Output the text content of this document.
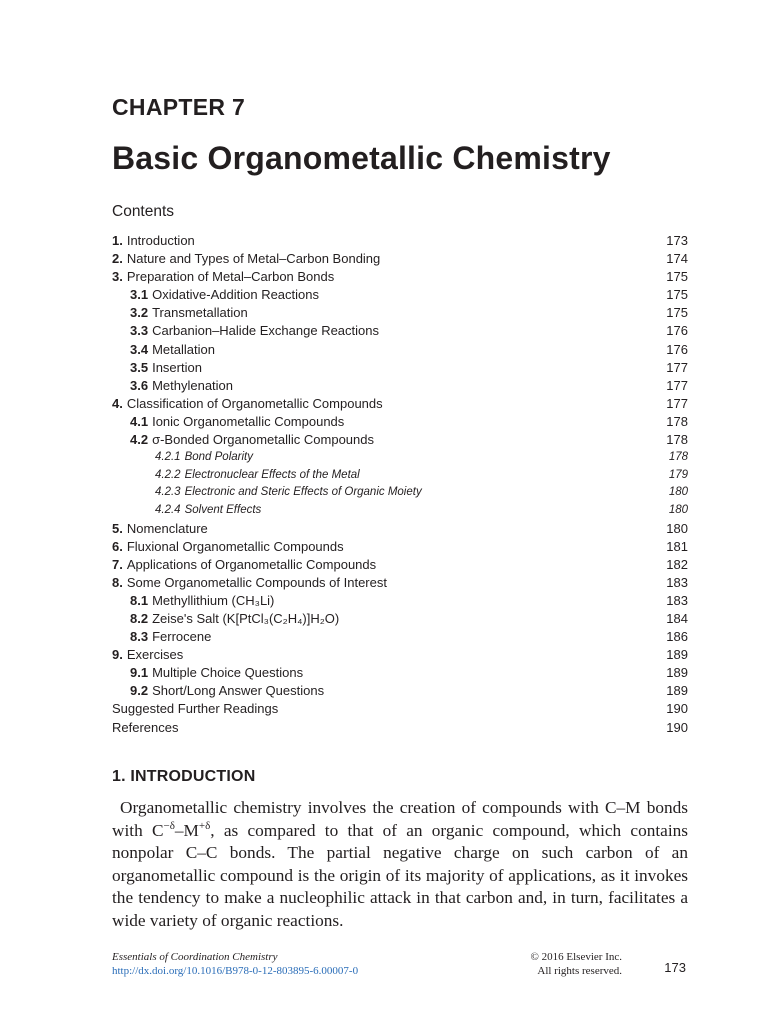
CHAPTER 7
Basic Organometallic Chemistry
Contents
1. Introduction	173
2. Nature and Types of Metal–Carbon Bonding	174
3. Preparation of Metal–Carbon Bonds	175
3.1 Oxidative-Addition Reactions	175
3.2 Transmetallation	175
3.3 Carbanion–Halide Exchange Reactions	176
3.4 Metallation	176
3.5 Insertion	177
3.6 Methylenation	177
4. Classification of Organometallic Compounds	177
4.1 Ionic Organometallic Compounds	178
4.2 σ-Bonded Organometallic Compounds	178
4.2.1 Bond Polarity	178
4.2.2 Electronuclear Effects of the Metal	179
4.2.3 Electronic and Steric Effects of Organic Moiety	180
4.2.4 Solvent Effects	180
5. Nomenclature	180
6. Fluxional Organometallic Compounds	181
7. Applications of Organometallic Compounds	182
8. Some Organometallic Compounds of Interest	183
8.1 Methyllithium (CH₃Li)	183
8.2 Zeise's Salt (K[PtCl₃(C₂H₄)]H₂O)	184
8.3 Ferrocene	186
9. Exercises	189
9.1 Multiple Choice Questions	189
9.2 Short/Long Answer Questions	189
Suggested Further Readings	190
References	190
1. INTRODUCTION

Organometallic chemistry involves the creation of compounds with C–M bonds with $C^{-\delta}-M^{+\delta}$, as compared to that of an organic compound, which contains nonpolar C–C bonds. The partial negative charge on such carbon of an organometallic compound is the origin of its majority of applications, as it invokes the tendency to make a nucleophilic attack in that carbon and, in turn, facilitates a wide variety of organic reactions.

Essentials of Coordination Chemistry
http://dx.doi.org/10.1016/B978-0-12-803895-6.00007-0
© 2016 Elsevier Inc.
All rights reserved.	173
